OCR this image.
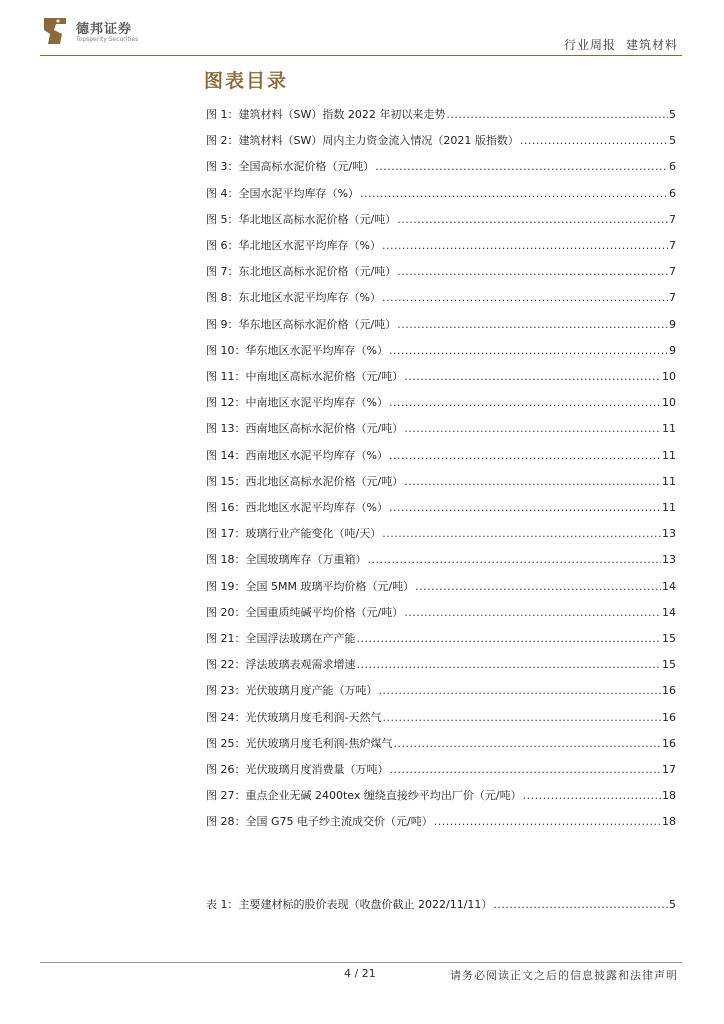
德邦证券
Topsperity Securities	行业周报 建筑材料
图表目录
图 1：建筑材料（SW）指数 2022 年初以来走势 .....	5
图 2：建筑材料（SW）周内主力资金流入情况（2021 版指数） .....	5
图 3：全国高标水泥价格（元/吨） .....	6
图 4：全国水泥平均库存（%） .....	6
图 5：华北地区高标水泥价格（元/吨） .....	7
图 6：华北地区水泥平均库存（%） .....	7
图 7：东北地区高标水泥价格（元/吨） .....	7
图 8：东北地区水泥平均库存（%） .....	7
图 9：华东地区高标水泥价格（元/吨） .....	9
图 10：华东地区水泥平均库存（%） .....	9
图 11：中南地区高标水泥价格（元/吨） .....	10
图 12：中南地区水泥平均库存（%） .....	10
图 13：西南地区高标水泥价格（元/吨） .....	11
图 14：西南地区水泥平均库存（%） .....	11
图 15：西北地区高标水泥价格（元/吨） .....	11
图 16：西北地区水泥平均库存（%） .....	11
图 17：玻璃行业产能变化（吨/天） .....	13
图 18：全国玻璃库存（万重箱） .....	13
图 19：全国 5MM 玻璃平均价格（元/吨） .....	14
图 20：全国重质纯碱平均价格（元/吨） .....	14
图 21：全国浮法玻璃在产产能 .....	15
图 22：浮法玻璃表观需求增速 .....	15
图 23：光伏玻璃月度产能（万吨） .....	16
图 24：光伏玻璃月度毛利润-天然气 .....	16
图 25：光伏玻璃月度毛利润-焦炉煤气 .....	16
图 26：光伏玻璃月度消费量（万吨） .....	17
图 27：重点企业无碱 2400tex 缠绕直接纱平均出厂价（元/吨） .....	18
图 28：全国 G75 电子纱主流成交价（元/吨） .....	18
表 1：主要建材标的股价表现（收盘价截止 2022/11/11） .....	5
4 / 21	请务必阅读正文之后的信息披露和法律声明
